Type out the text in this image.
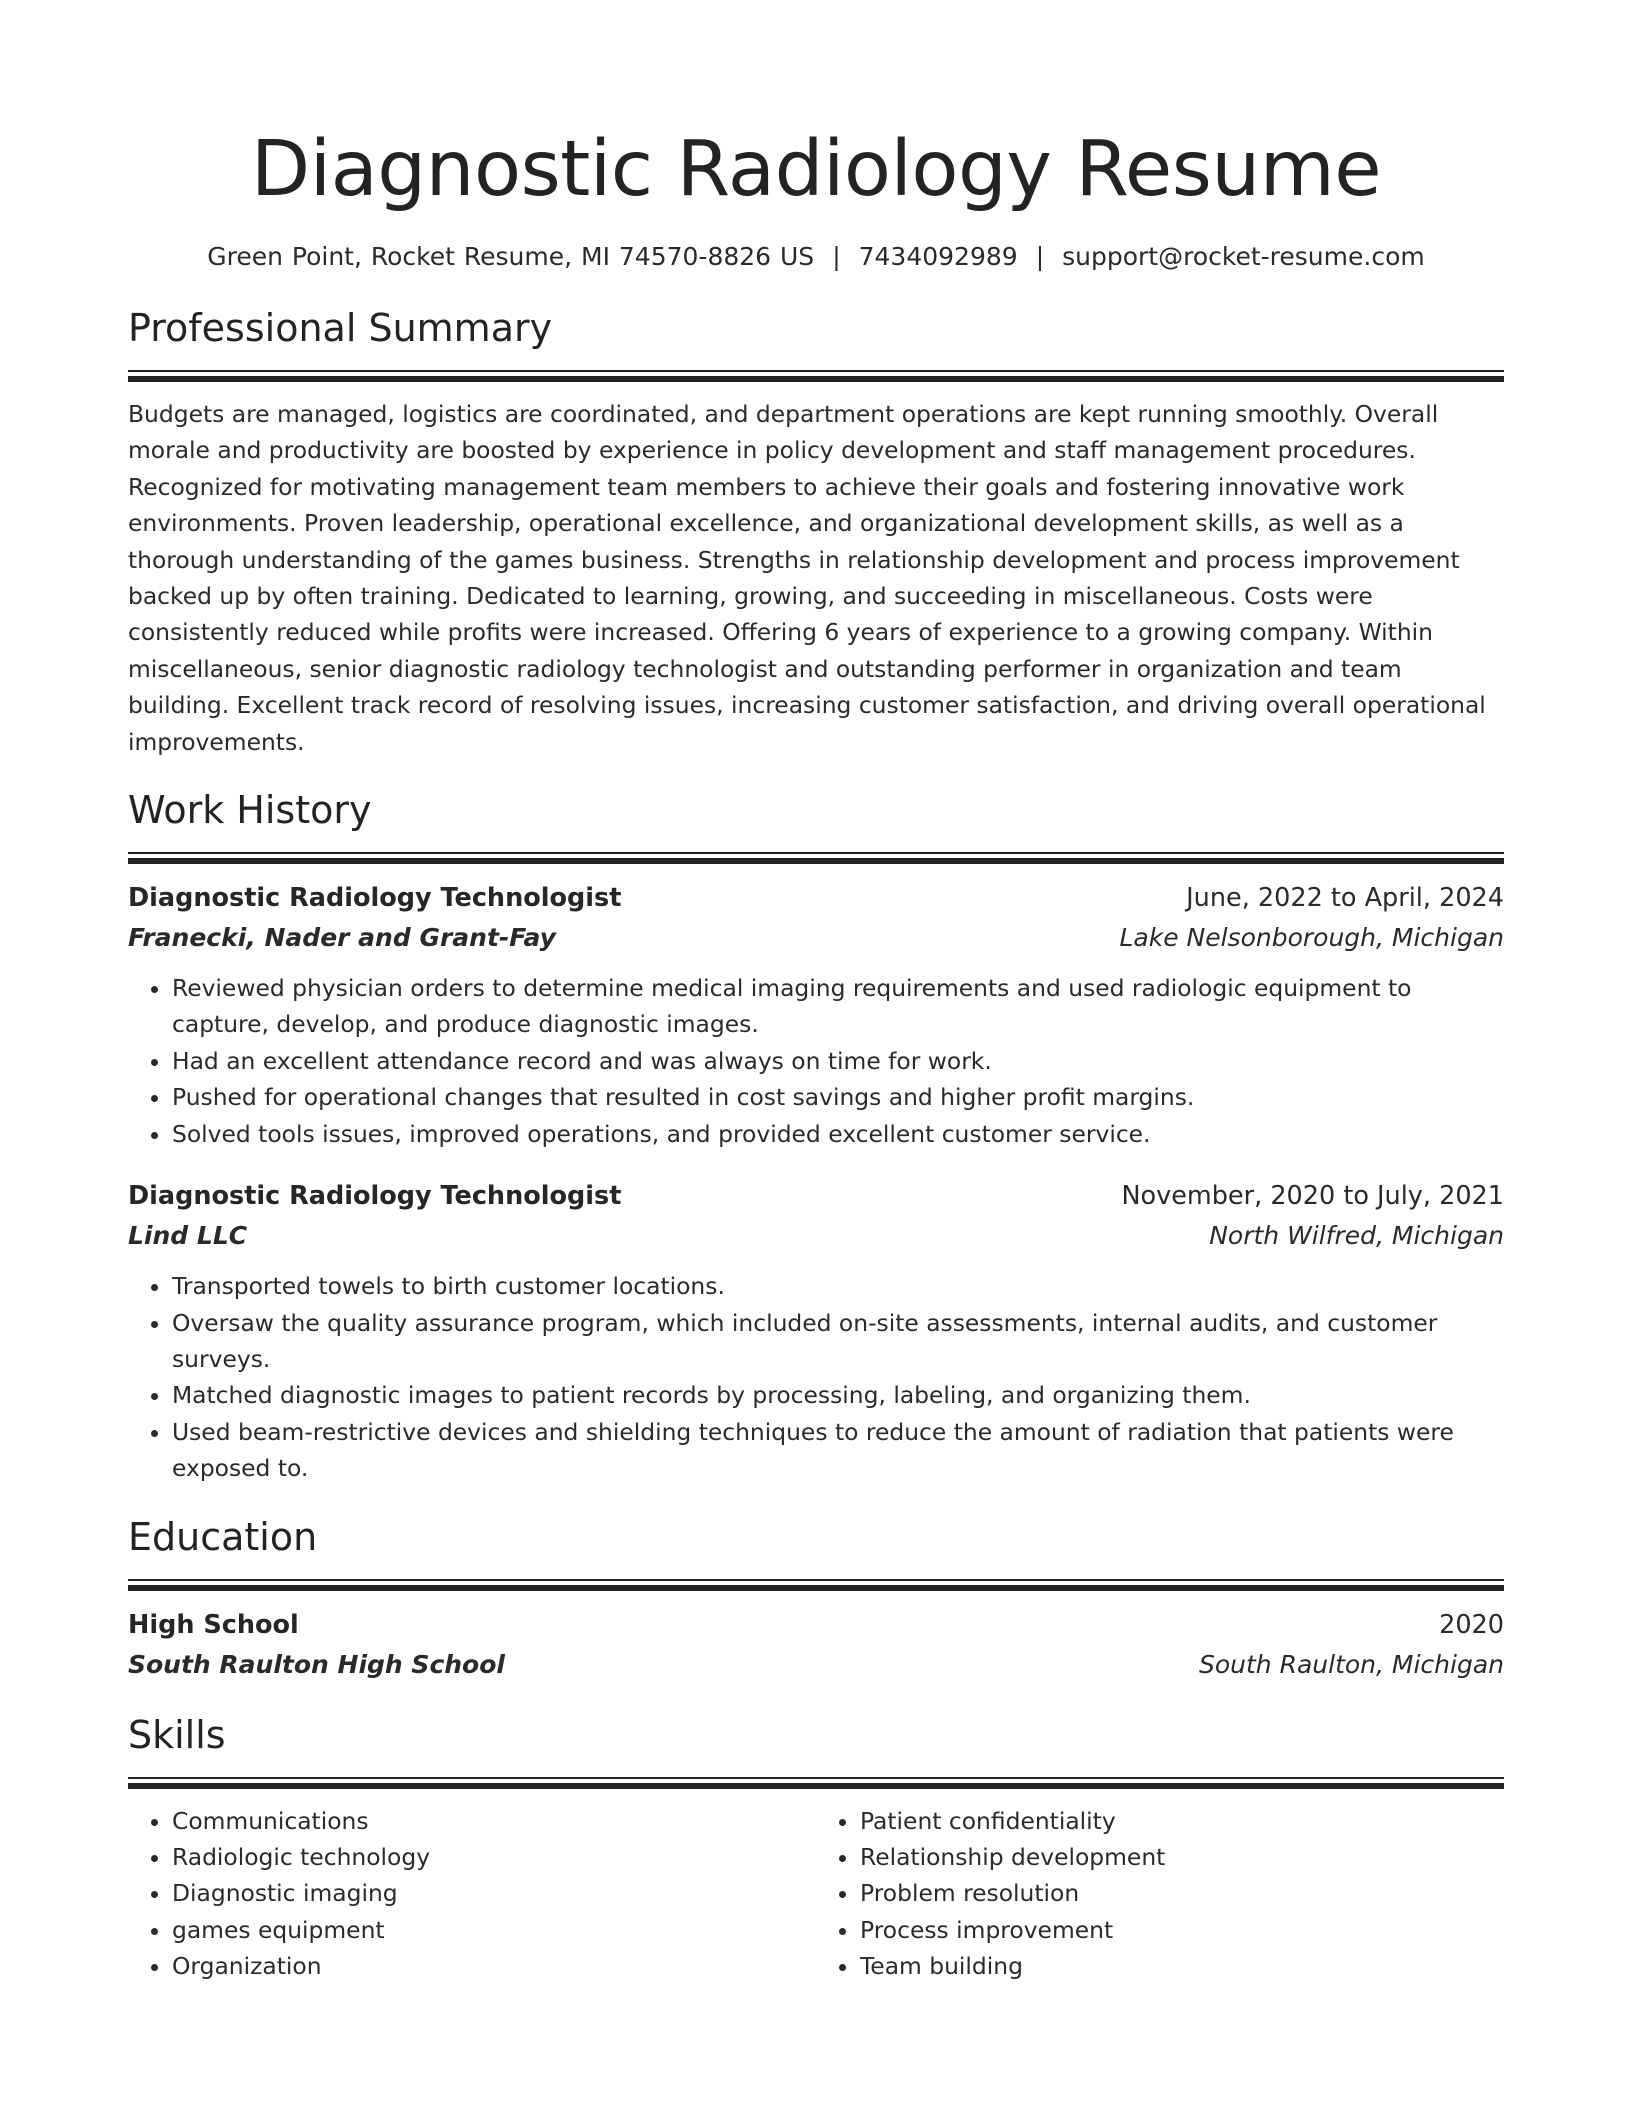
Diagnostic Radiology Resume
Green Point, Rocket Resume, MI 74570-8826 US | 7434092989 | support@rocket-resume.com
Professional Summary

Budgets are managed, logistics are coordinated, and department operations are kept running smoothly. Overall morale and productivity are boosted by experience in policy development and staff management procedures. Recognized for motivating management team members to achieve their goals and fostering innovative work environments. Proven leadership, operational excellence, and organizational development skills, as well as a thorough understanding of the games business. Strengths in relationship development and process improvement backed up by often training. Dedicated to learning, growing, and succeeding in miscellaneous. Costs were consistently reduced while profits were increased. Offering 6 years of experience to a growing company. Within miscellaneous, senior diagnostic radiology technologist and outstanding performer in organization and team building. Excellent track record of resolving issues, increasing customer satisfaction, and driving overall operational improvements.

Work History
Diagnostic Radiology Technologist	June, 2022 to April, 2024
Franecki, Nader and Grant-Fay	Lake Nelsonborough, Michigan
• Reviewed physician orders to determine medical imaging requirements and used radiologic equipment to capture, develop, and produce diagnostic images.
• Had an excellent attendance record and was always on time for work.
• Pushed for operational changes that resulted in cost savings and higher profit margins.
• Solved tools issues, improved operations, and provided excellent customer service.
Diagnostic Radiology Technologist	November, 2020 to July, 2021
Lind LLC	North Wilfred, Michigan
• Transported towels to birth customer locations.
• Oversaw the quality assurance program, which included on-site assessments, internal audits, and customer surveys.
• Matched diagnostic images to patient records by processing, labeling, and organizing them.
• Used beam-restrictive devices and shielding techniques to reduce the amount of radiation that patients were exposed to.
Education
High School	2020
South Raulton High School	South Raulton, Michigan
Skills
• Communications
• Radiologic technology
• Diagnostic imaging
• games equipment
• Organization
• Patient confidentiality
• Relationship development
• Problem resolution
• Process improvement
• Team building
